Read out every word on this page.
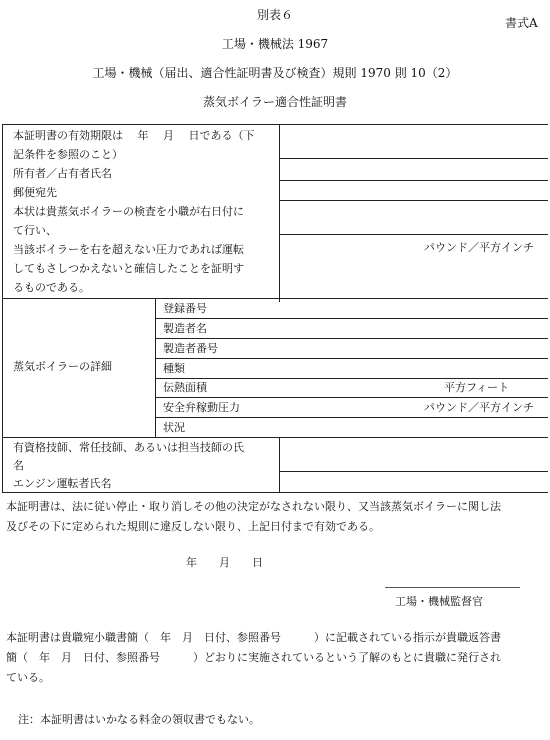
別表６
書式A
工場・機械法 1967
工場・機械（届出、適合性証明書及び検査）規則 1970 則 10（2）
蒸気ボイラー適合性証明書
本証明書の有効期限は　 年　 月　 日である（下
記条件を参照のこと）
所有者／占有者氏名
郵便宛先
本状は貴蒸気ボイラーの検査を小職が右日付に
て行い、
当該ボイラーを右を超えない圧力であれば運転
してもさしつかえないと確信したことを証明す
るものである。
パウンド／平方インチ
蒸気ボイラーの詳細
登録番号
製造者名
製造者番号
種類
伝熱面積	平方フィート
安全弁稼動圧力	パウンド／平方インチ
状況
有資格技師、常任技師、あるいは担当技師の氏
名
エンジン運転者氏名
本証明書は、法に従い停止・取り消しその他の決定がなされない限り、又当該蒸気ボイラーに関し法
及びその下に定められた規則に違反しない限り、上記日付まで有効である。
年　　月　　日
工場・機械監督官
本証明書は貴職宛小職書簡（　年　月　日付、参照番号　　　）に記載されている指示が貴職返答書
簡（　年　月　日付、参照番号　　　）どおりに実施されているという了解のもとに貴職に発行され
ている。
注：本証明書はいかなる料金の領収書でもない。
